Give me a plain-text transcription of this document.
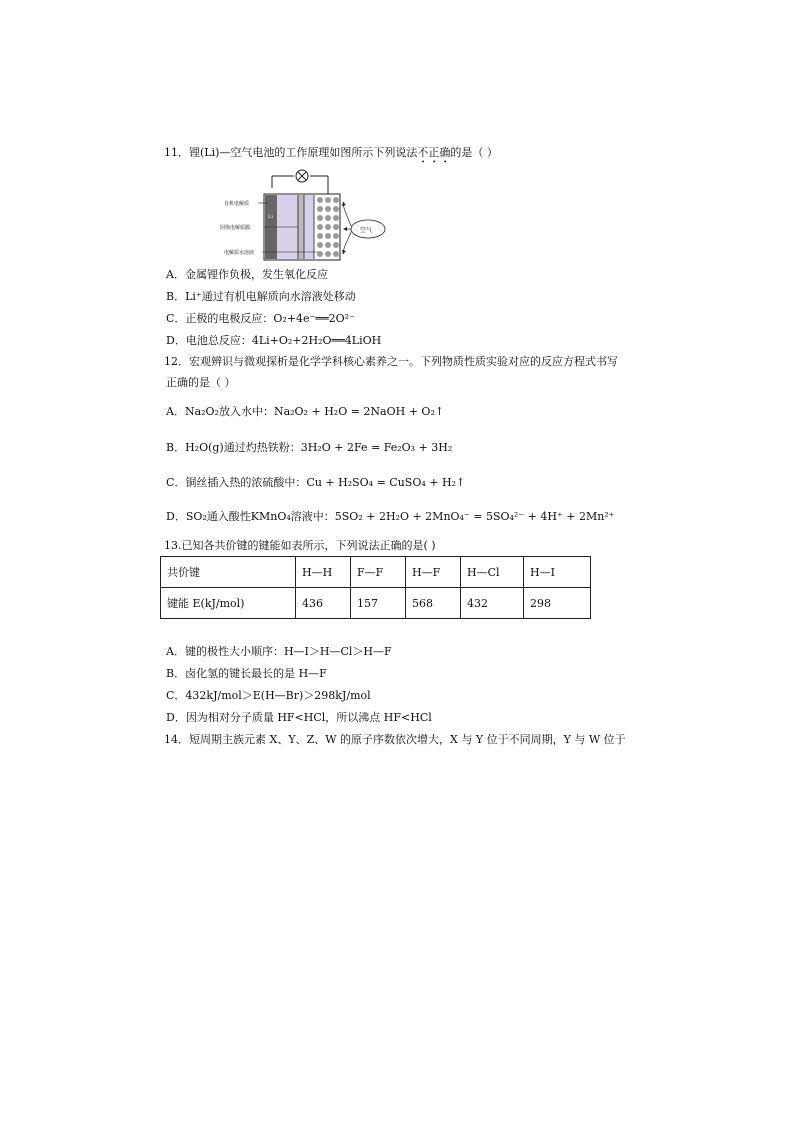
11．锂(Li)—空气电池的工作原理如图所示下列说法不正确的是（ ）
有机电解质
固体电解质膜
电解质水溶液
Li
空气
A．金属锂作负极，发生氧化反应
B．Li⁺通过有机电解质向水溶液处移动
C．正极的电极反应：O₂+4e⁻══2O²⁻
D．电池总反应：4Li+O₂+2H₂O══4LiOH
12．宏观辨识与微观探析是化学学科核心素养之一。下列物质性质实验对应的反应方程式书写
正确的是（ ）
A．Na₂O₂放入水中：Na₂O₂ + H₂O = 2NaOH + O₂↑
B．H₂O(g)通过灼热铁粉：3H₂O + 2Fe = Fe₂O₃ + 3H₂
C．铜丝插入热的浓硫酸中：Cu + H₂SO₄ = CuSO₄ + H₂↑
D．SO₂通入酸性KMnO₄溶液中：5SO₂ + 2H₂O + 2MnO₄⁻ = 5SO₄²⁻ + 4H⁺ + 2Mn²⁺
13.已知各共价键的键能如表所示，下列说法正确的是( )
共价键	H—H	F—F	H—F	H—Cl	H—I
键能 E(kJ/mol)	436	157	568	432	298
A．键的极性大小顺序：H—I＞H—Cl＞H—F
B．卤化氢的键长最长的是 H—F
C．432kJ/mol＞E(H—Br)＞298kJ/mol
D．因为相对分子质量 HF<HCl，所以沸点 HF<HCl
14．短周期主族元素 X、Y、Z、W 的原子序数依次增大，X 与 Y 位于不同周期，Y 与 W 位于
